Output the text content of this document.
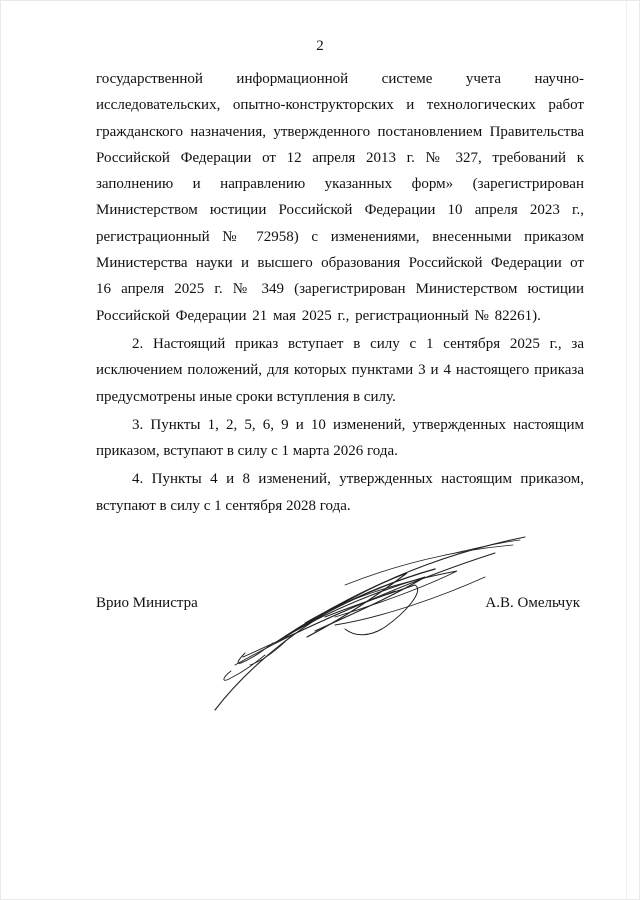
2

государственной информационной системе учета научно-исследовательских, опытно-конструкторских и технологических работ гражданского назначения, утвержденного постановлением Правительства Российской Федерации от 12 апреля 2013 г. № 327, требований к заполнению и направлению указанных форм» (зарегистрирован Министерством юстиции Российской Федерации 10 апреля 2023 г., регистрационный № 72958) с изменениями, внесенными приказом Министерства науки и высшего образования Российской Федерации от 16 апреля 2025 г. № 349 (зарегистрирован Министерством юстиции Российской Федерации 21 мая 2025 г., регистрационный № 82261).

2. Настоящий приказ вступает в силу с 1 сентября 2025 г., за исключением положений, для которых пунктами 3 и 4 настоящего приказа предусмотрены иные сроки вступления в силу.

3. Пункты 1, 2, 5, 6, 9 и 10 изменений, утвержденных настоящим приказом, вступают в силу с 1 марта 2026 года.

4. Пункты 4 и 8 изменений, утвержденных настоящим приказом, вступают в силу с 1 сентября 2028 года.

Врио Министра	А.В. Омельчук
